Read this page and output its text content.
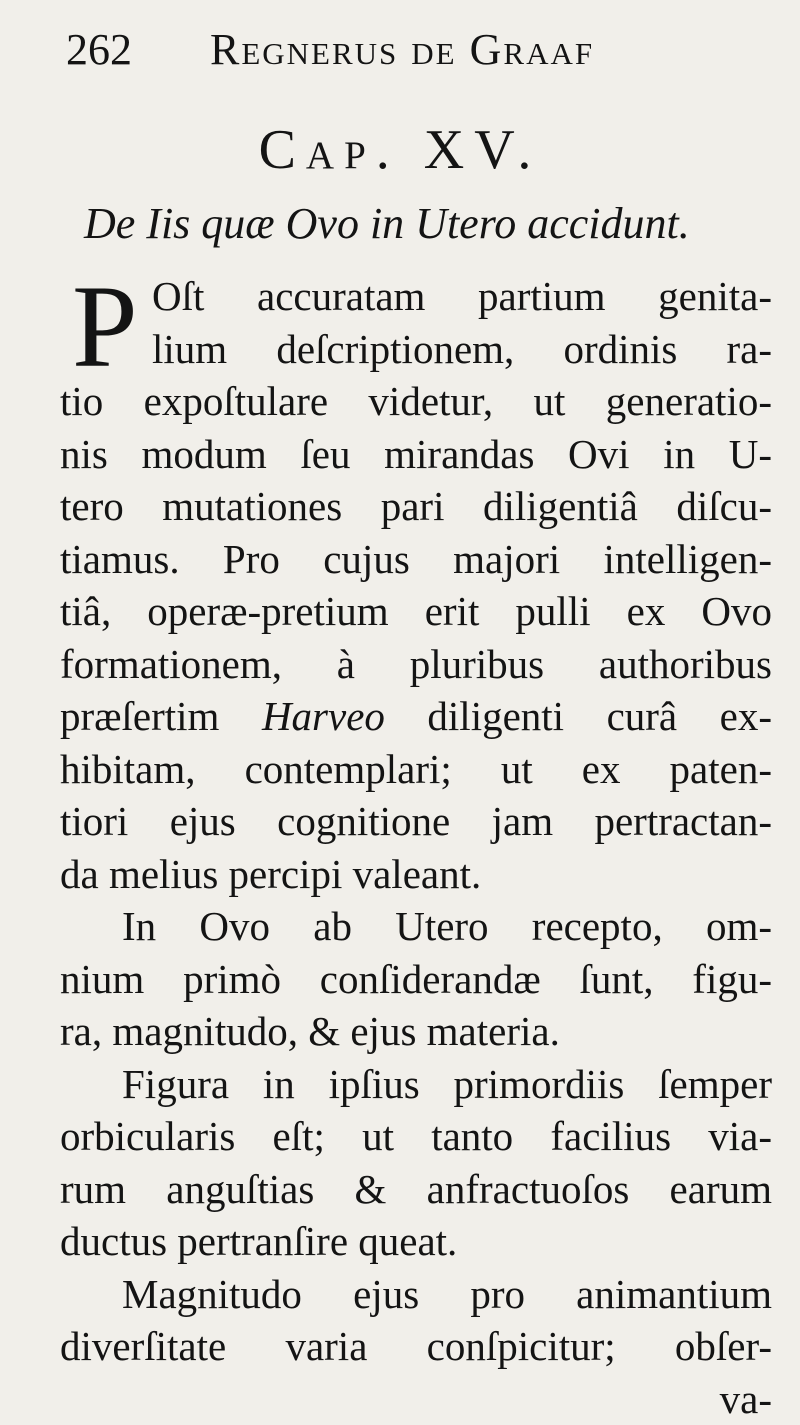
262 Regnerus de Graaf
Cap. XV.
De Iis quæ Ovo in Utero accidunt.
P Oſt accuratam partium genita-
lium deſcriptionem, ordinis ra-
tio expoſtulare videtur, ut generatio-
nis modum ſeu mirandas Ovi in U-
tero mutationes pari diligentiâ diſcu-
tiamus. Pro cujus majori intelligen-
tiâ, operæ-pretium erit pulli ex Ovo
formationem, à pluribus authoribus
præſertim Harveo diligenti curâ ex-
hibitam, contemplari; ut ex paten-
tiori ejus cognitione jam pertractan-
da melius percipi valeant.
In Ovo ab Utero recepto, om-
nium primò conſiderandæ ſunt, figu-
ra, magnitudo, & ejus materia.
Figura in ipſius primordiis ſemper
orbicularis eſt; ut tanto facilius via-
rum anguſtias & anfractuoſos earum
ductus pertranſire queat.
Magnitudo ejus pro animantium
diverſitate varia conſpicitur; obſer-
va-
